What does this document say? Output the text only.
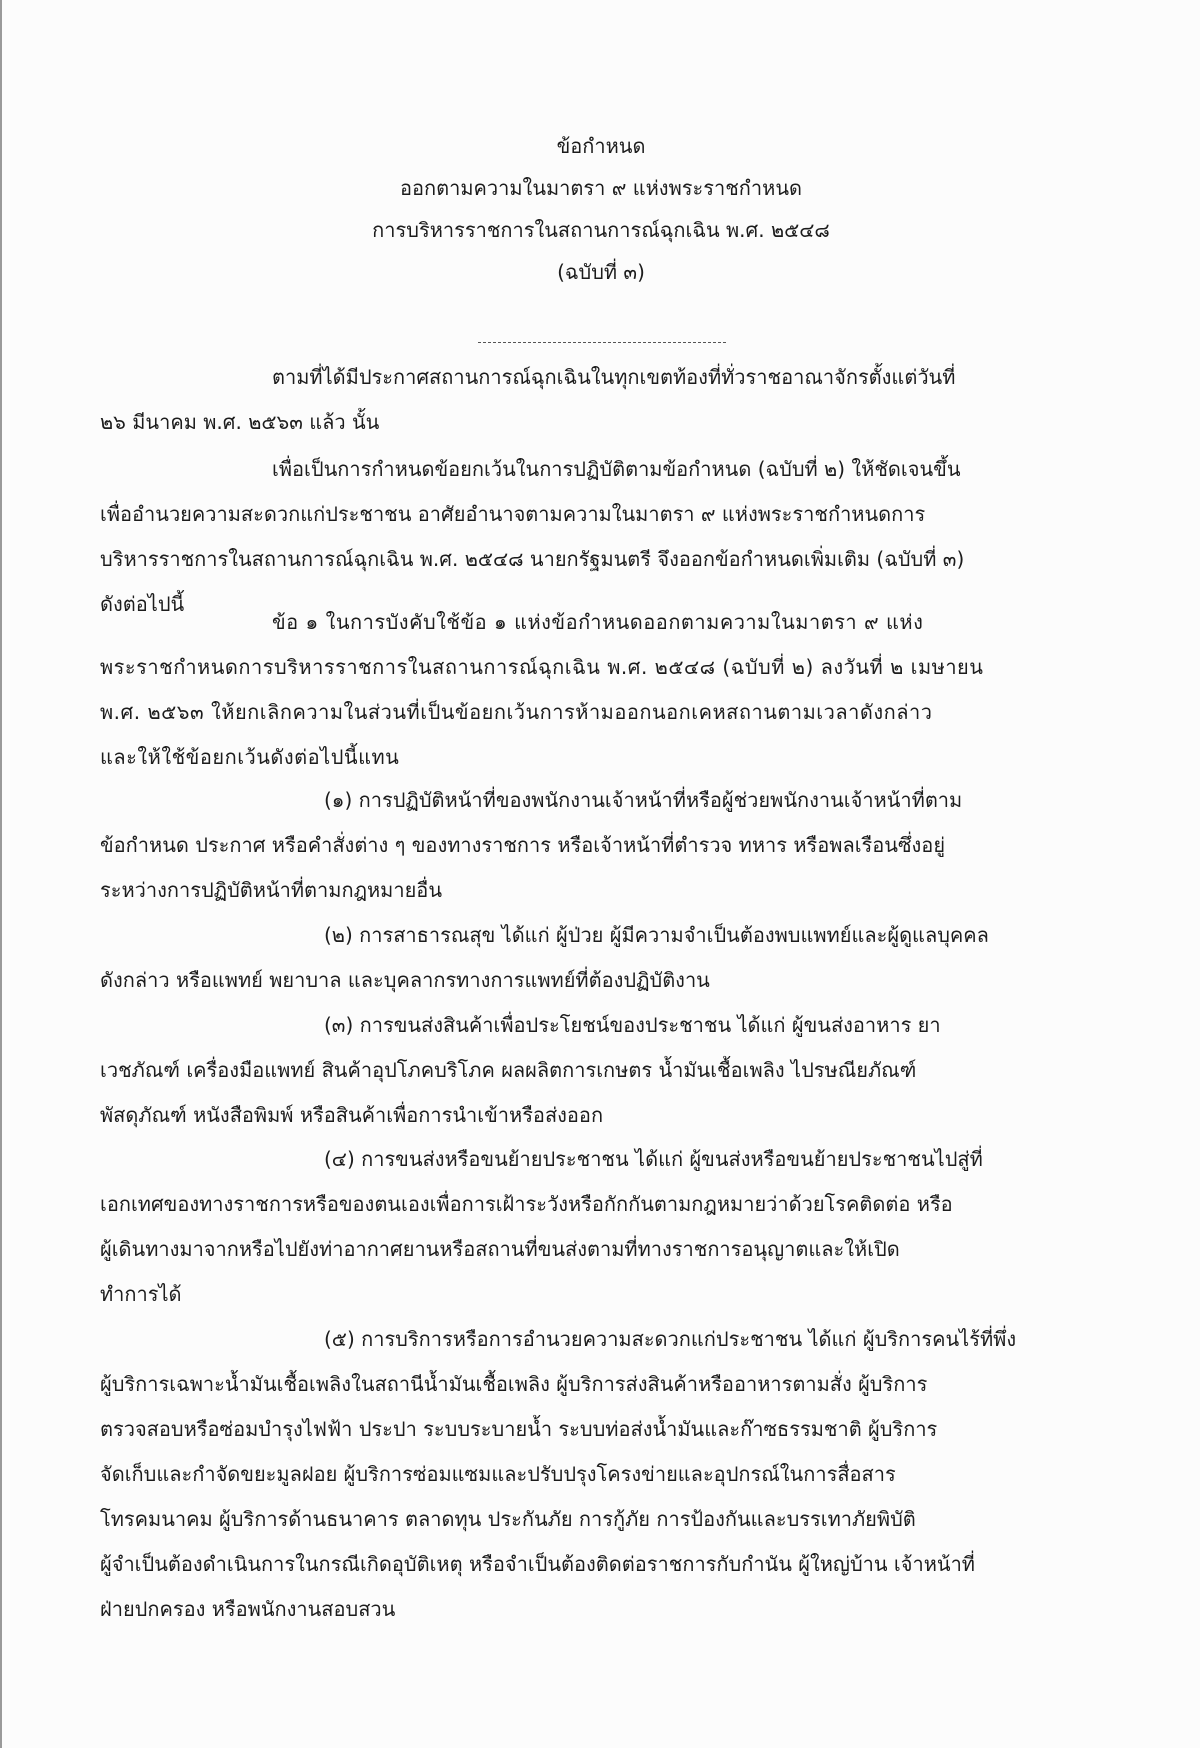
ข้อกำหนด
ออกตามความในมาตรา ๙ แห่งพระราชกำหนด
การบริหารราชการในสถานการณ์ฉุกเฉิน พ.ศ. ๒๕๔๘
(ฉบับที่ ๓)
ตามที่ได้มีประกาศสถานการณ์ฉุกเฉินในทุกเขตท้องที่ทั่วราชอาณาจักรตั้งแต่วันที่
๒๖ มีนาคม พ.ศ. ๒๕๖๓ แล้ว นั้น
เพื่อเป็นการกำหนดข้อยกเว้นในการปฏิบัติตามข้อกำหนด (ฉบับที่ ๒) ให้ชัดเจนขึ้น
เพื่ออำนวยความสะดวกแก่ประชาชน อาศัยอำนาจตามความในมาตรา ๙ แห่งพระราชกำหนดการ
บริหารราชการในสถานการณ์ฉุกเฉิน พ.ศ. ๒๕๔๘ นายกรัฐมนตรี จึงออกข้อกำหนดเพิ่มเติม (ฉบับที่ ๓)
ดังต่อไปนี้
ข้อ ๑ ในการบังคับใช้ข้อ ๑ แห่งข้อกำหนดออกตามความในมาตรา ๙ แห่ง
พระราชกำหนดการบริหารราชการในสถานการณ์ฉุกเฉิน พ.ศ. ๒๕๔๘ (ฉบับที่ ๒) ลงวันที่ ๒ เมษายน
พ.ศ. ๒๕๖๓ ให้ยกเลิกความในส่วนที่เป็นข้อยกเว้นการห้ามออกนอกเคหสถานตามเวลาดังกล่าว
และให้ใช้ข้อยกเว้นดังต่อไปนี้แทน
(๑) การปฏิบัติหน้าที่ของพนักงานเจ้าหน้าที่หรือผู้ช่วยพนักงานเจ้าหน้าที่ตาม
ข้อกำหนด ประกาศ หรือคำสั่งต่าง ๆ ของทางราชการ หรือเจ้าหน้าที่ตำรวจ ทหาร หรือพลเรือนซึ่งอยู่
ระหว่างการปฏิบัติหน้าที่ตามกฎหมายอื่น
(๒) การสาธารณสุข ได้แก่ ผู้ป่วย ผู้มีความจำเป็นต้องพบแพทย์และผู้ดูแลบุคคล
ดังกล่าว หรือแพทย์ พยาบาล และบุคลากรทางการแพทย์ที่ต้องปฏิบัติงาน
(๓) การขนส่งสินค้าเพื่อประโยชน์ของประชาชน ได้แก่ ผู้ขนส่งอาหาร ยา
เวชภัณฑ์ เครื่องมือแพทย์ สินค้าอุปโภคบริโภค ผลผลิตการเกษตร น้ำมันเชื้อเพลิง ไปรษณียภัณฑ์
พัสดุภัณฑ์ หนังสือพิมพ์ หรือสินค้าเพื่อการนำเข้าหรือส่งออก
(๔) การขนส่งหรือขนย้ายประชาชน ได้แก่ ผู้ขนส่งหรือขนย้ายประชาชนไปสู่ที่
เอกเทศของทางราชการหรือของตนเองเพื่อการเฝ้าระวังหรือกักกันตามกฎหมายว่าด้วยโรคติดต่อ หรือ
ผู้เดินทางมาจากหรือไปยังท่าอากาศยานหรือสถานที่ขนส่งตามที่ทางราชการอนุญาตและให้เปิด
ทำการได้
(๕) การบริการหรือการอำนวยความสะดวกแก่ประชาชน ได้แก่ ผู้บริการคนไร้ที่พึ่ง
ผู้บริการเฉพาะน้ำมันเชื้อเพลิงในสถานีน้ำมันเชื้อเพลิง ผู้บริการส่งสินค้าหรืออาหารตามสั่ง ผู้บริการ
ตรวจสอบหรือซ่อมบำรุงไฟฟ้า ประปา ระบบระบายน้ำ ระบบท่อส่งน้ำมันและก๊าซธรรมชาติ ผู้บริการ
จัดเก็บและกำจัดขยะมูลฝอย ผู้บริการซ่อมแซมและปรับปรุงโครงข่ายและอุปกรณ์ในการสื่อสาร
โทรคมนาคม ผู้บริการด้านธนาคาร ตลาดทุน ประกันภัย การกู้ภัย การป้องกันและบรรเทาภัยพิบัติ
ผู้จำเป็นต้องดำเนินการในกรณีเกิดอุบัติเหตุ หรือจำเป็นต้องติดต่อราชการกับกำนัน ผู้ใหญ่บ้าน เจ้าหน้าที่
ฝ่ายปกครอง หรือพนักงานสอบสวน
